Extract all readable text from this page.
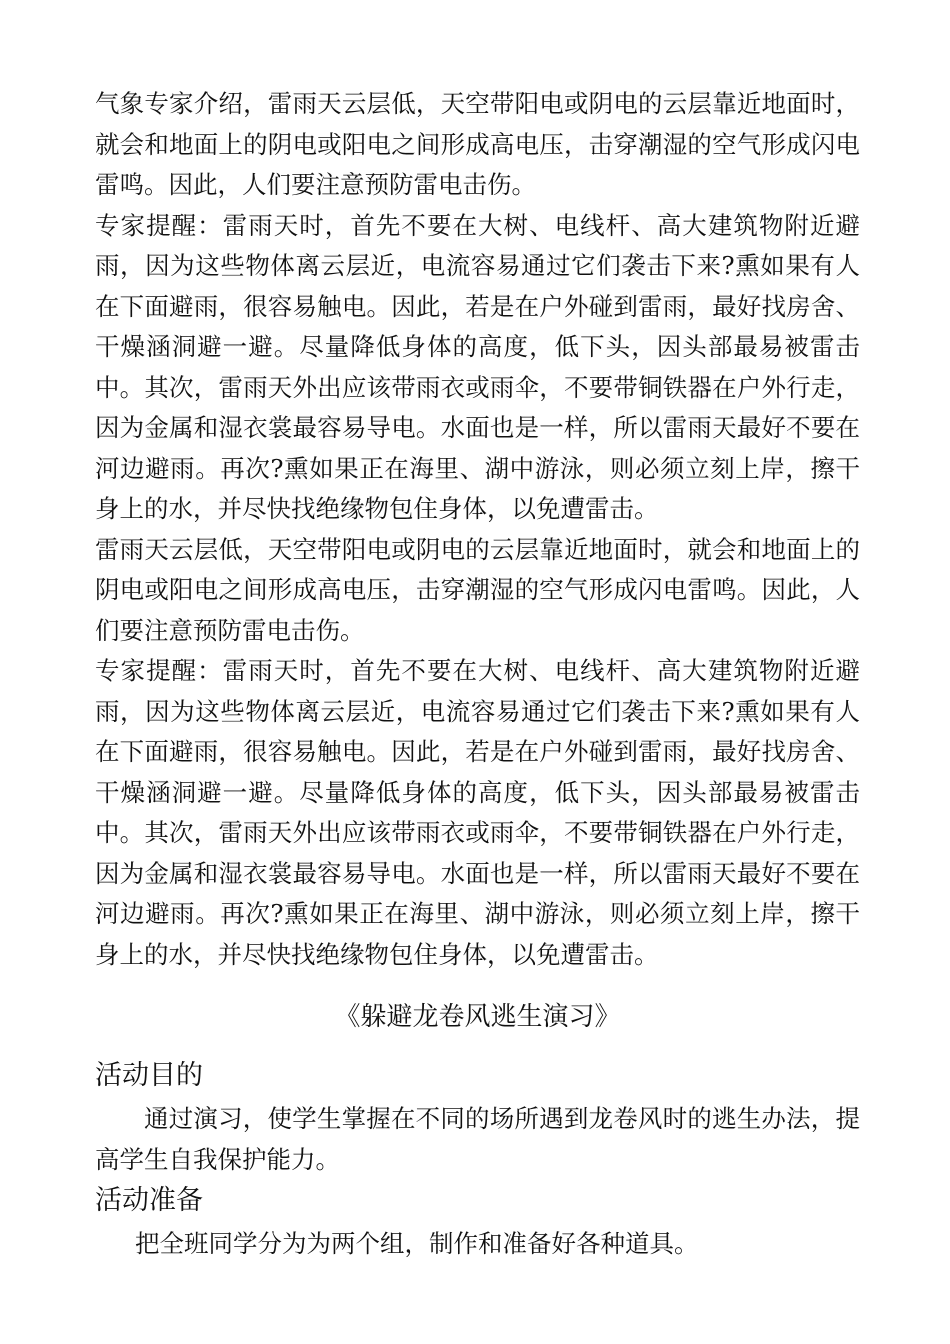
气象专家介绍，雷雨天云层低，天空带阳电或阴电的云层靠近地面时，就会和地面上的阴电或阳电之间形成高电压，击穿潮湿的空气形成闪电雷鸣。因此，人们要注意预防雷电击伤。

专家提醒：雷雨天时，首先不要在大树、电线杆、高大建筑物附近避雨，因为这些物体离云层近，电流容易通过它们袭击下来?熏如果有人在下面避雨，很容易触电。因此，若是在户外碰到雷雨，最好找房舍、干燥涵洞避一避。尽量降低身体的高度，低下头，因头部最易被雷击中。其次，雷雨天外出应该带雨衣或雨伞，不要带铜铁器在户外行走，因为金属和湿衣裳最容易导电。水面也是一样，所以雷雨天最好不要在河边避雨。再次?熏如果正在海里、湖中游泳，则必须立刻上岸，擦干身上的水，并尽快找绝缘物包住身体，以免遭雷击。

雷雨天云层低，天空带阳电或阴电的云层靠近地面时，就会和地面上的阴电或阳电之间形成高电压，击穿潮湿的空气形成闪电雷鸣。因此，人们要注意预防雷电击伤。

专家提醒：雷雨天时，首先不要在大树、电线杆、高大建筑物附近避雨，因为这些物体离云层近，电流容易通过它们袭击下来?熏如果有人在下面避雨，很容易触电。因此，若是在户外碰到雷雨，最好找房舍、干燥涵洞避一避。尽量降低身体的高度，低下头，因头部最易被雷击中。其次，雷雨天外出应该带雨衣或雨伞，不要带铜铁器在户外行走，因为金属和湿衣裳最容易导电。水面也是一样，所以雷雨天最好不要在河边避雨。再次?熏如果正在海里、湖中游泳，则必须立刻上岸，擦干身上的水，并尽快找绝缘物包住身体，以免遭雷击。

《躲避龙卷风逃生演习》

活动目的

通过演习，使学生掌握在不同的场所遇到龙卷风时的逃生办法，提高学生自我保护能力。

活动准备

把全班同学分为为两个组，制作和准备好各种道具。
